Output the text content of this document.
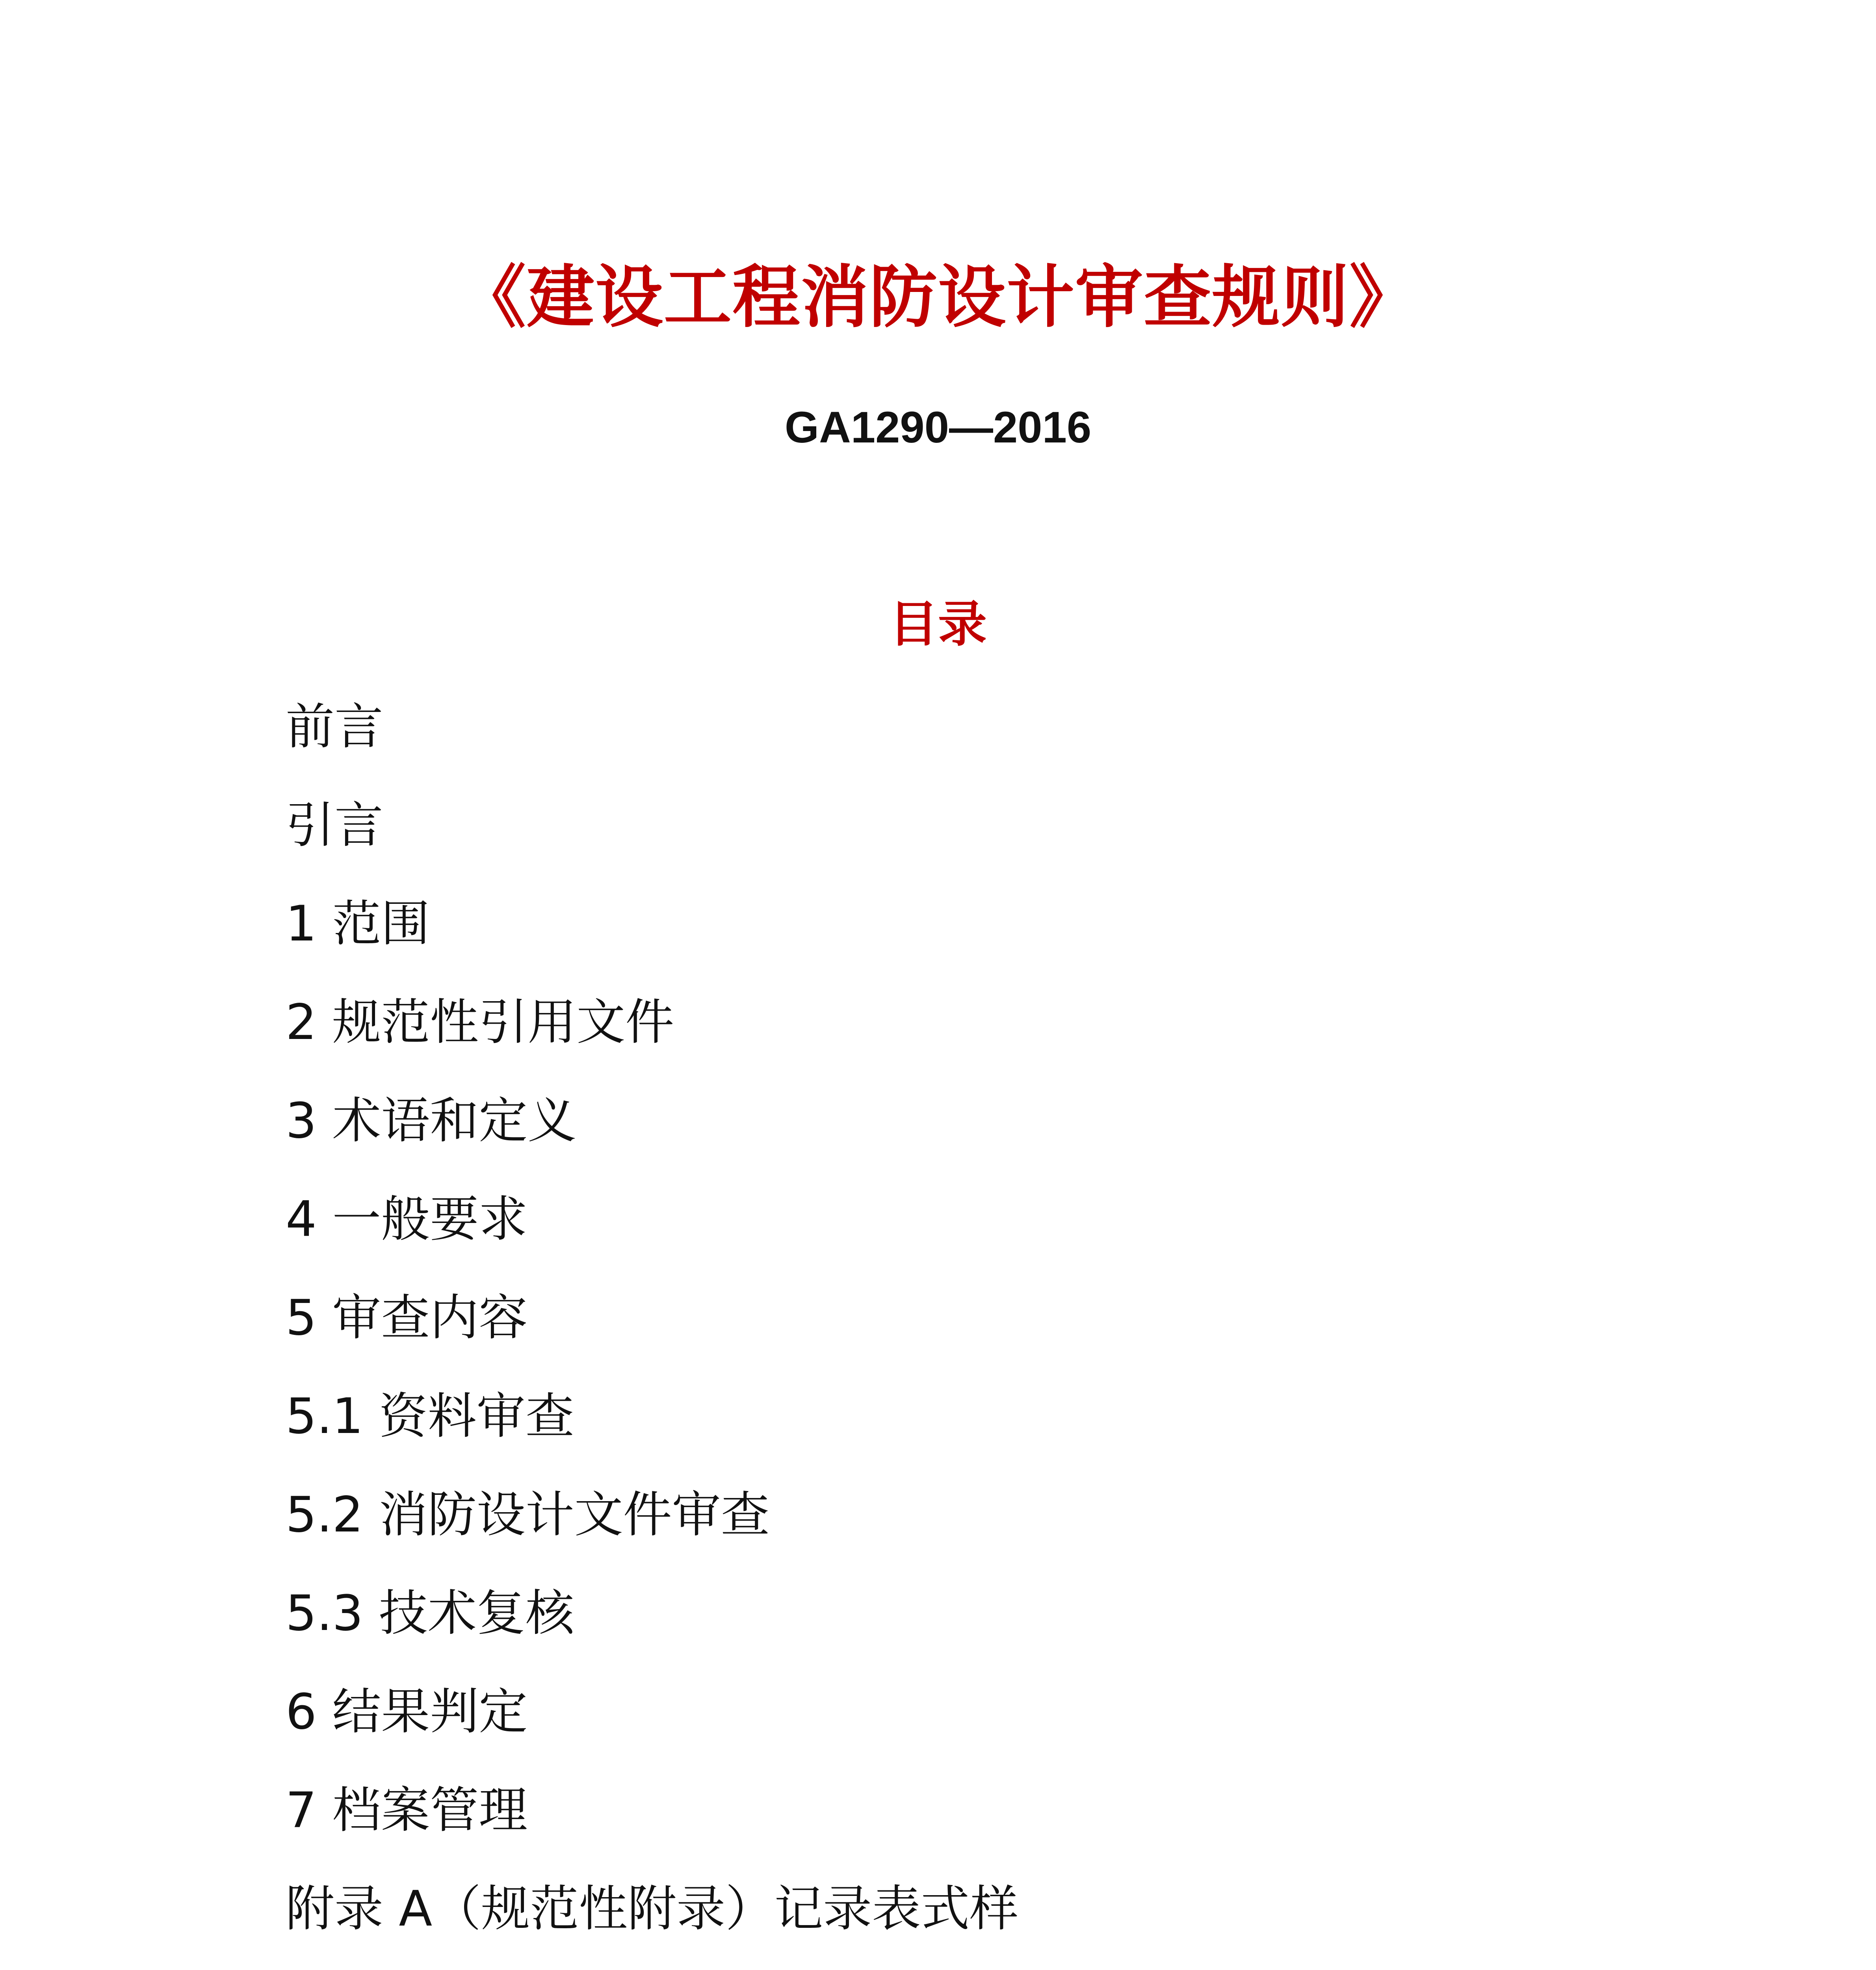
《建设工程消防设计审查规则》
GA1290—2016
目录
前言
引言
1 范围
2 规范性引用文件
3 术语和定义
4 一般要求
5 审查内容
5.1 资料审查
5.2 消防设计文件审查
5.3 技术复核
6 结果判定
7 档案管理
附录 A（规范性附录）记录表式样
